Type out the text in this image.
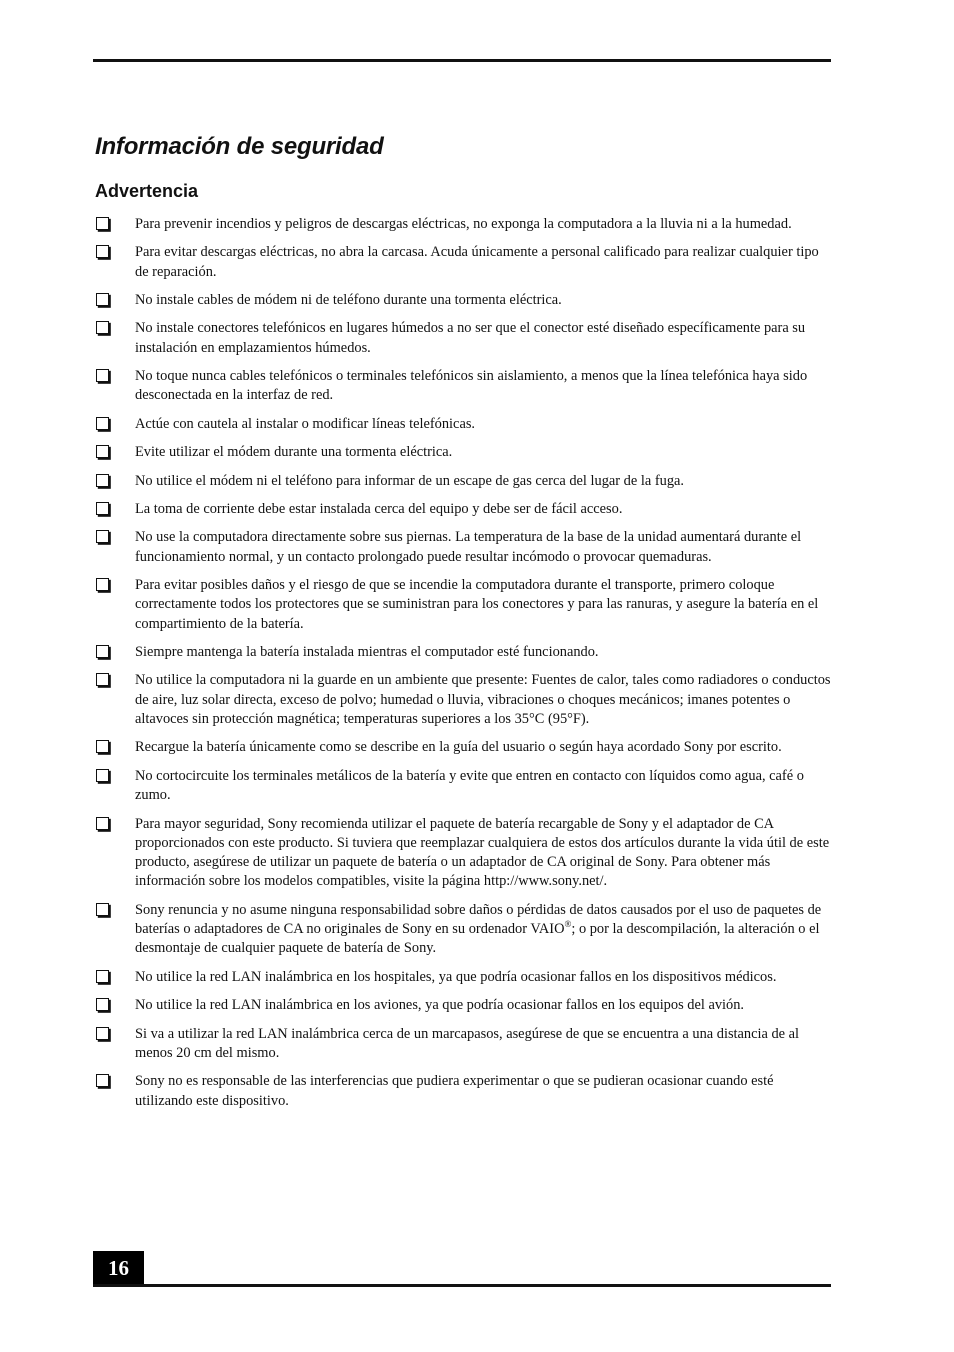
Información de seguridad
Advertencia
Para prevenir incendios y peligros de descargas eléctricas, no exponga la computadora a la lluvia ni a la humedad.
Para evitar descargas eléctricas, no abra la carcasa. Acuda únicamente a personal calificado para realizar cualquier tipo de reparación.
No instale cables de módem ni de teléfono durante una tormenta eléctrica.
No instale conectores telefónicos en lugares húmedos a no ser que el conector esté diseñado específicamente para su instalación en emplazamientos húmedos.
No toque nunca cables telefónicos o terminales telefónicos sin aislamiento, a menos que la línea telefónica haya sido desconectada en la interfaz de red.
Actúe con cautela al instalar o modificar líneas telefónicas.
Evite utilizar el módem durante una tormenta eléctrica.
No utilice el módem ni el teléfono para informar de un escape de gas cerca del lugar de la fuga.
La toma de corriente debe estar instalada cerca del equipo y debe ser de fácil acceso.
No use la computadora directamente sobre sus piernas. La temperatura de la base de la unidad aumentará durante el funcionamiento normal, y un contacto prolongado puede resultar incómodo o provocar quemaduras.
Para evitar posibles daños y el riesgo de que se incendie la computadora durante el transporte, primero coloque correctamente todos los protectores que se suministran para los conectores y para las ranuras, y asegure la batería en el compartimiento de la batería.
Siempre mantenga la batería instalada mientras el computador esté funcionando.
No utilice la computadora ni la guarde en un ambiente que presente: Fuentes de calor, tales como radiadores o conductos de aire, luz solar directa, exceso de polvo; humedad o lluvia, vibraciones o choques mecánicos; imanes potentes o altavoces sin protección magnética; temperaturas superiores a los 35°C (95°F).
Recargue la batería únicamente como se describe en la guía del usuario o según haya acordado Sony por escrito.
No cortocircuite los terminales metálicos de la batería y evite que entren en contacto con líquidos como agua, café o zumo.
Para mayor seguridad, Sony recomienda utilizar el paquete de batería recargable de Sony y el adaptador de CA proporcionados con este producto. Si tuviera que reemplazar cualquiera de estos dos artículos durante la vida útil de este producto, asegúrese de utilizar un paquete de batería o un adaptador de CA original de Sony. Para obtener más información sobre los modelos compatibles, visite la página http://www.sony.net/.
Sony renuncia y no asume ninguna responsabilidad sobre daños o pérdidas de datos causados por el uso de paquetes de baterías o adaptadores de CA no originales de Sony en su ordenador VAIO®; o por la descompilación, la alteración o el desmontaje de cualquier paquete de batería de Sony.
No utilice la red LAN inalámbrica en los hospitales, ya que podría ocasionar fallos en los dispositivos médicos.
No utilice la red LAN inalámbrica en los aviones, ya que podría ocasionar fallos en los equipos del avión.
Si va a utilizar la red LAN inalámbrica cerca de un marcapasos, asegúrese de que se encuentra a una distancia de al menos 20 cm del mismo.
Sony no es responsable de las interferencias que pudiera experimentar o que se pudieran ocasionar cuando esté utilizando este dispositivo.
16
